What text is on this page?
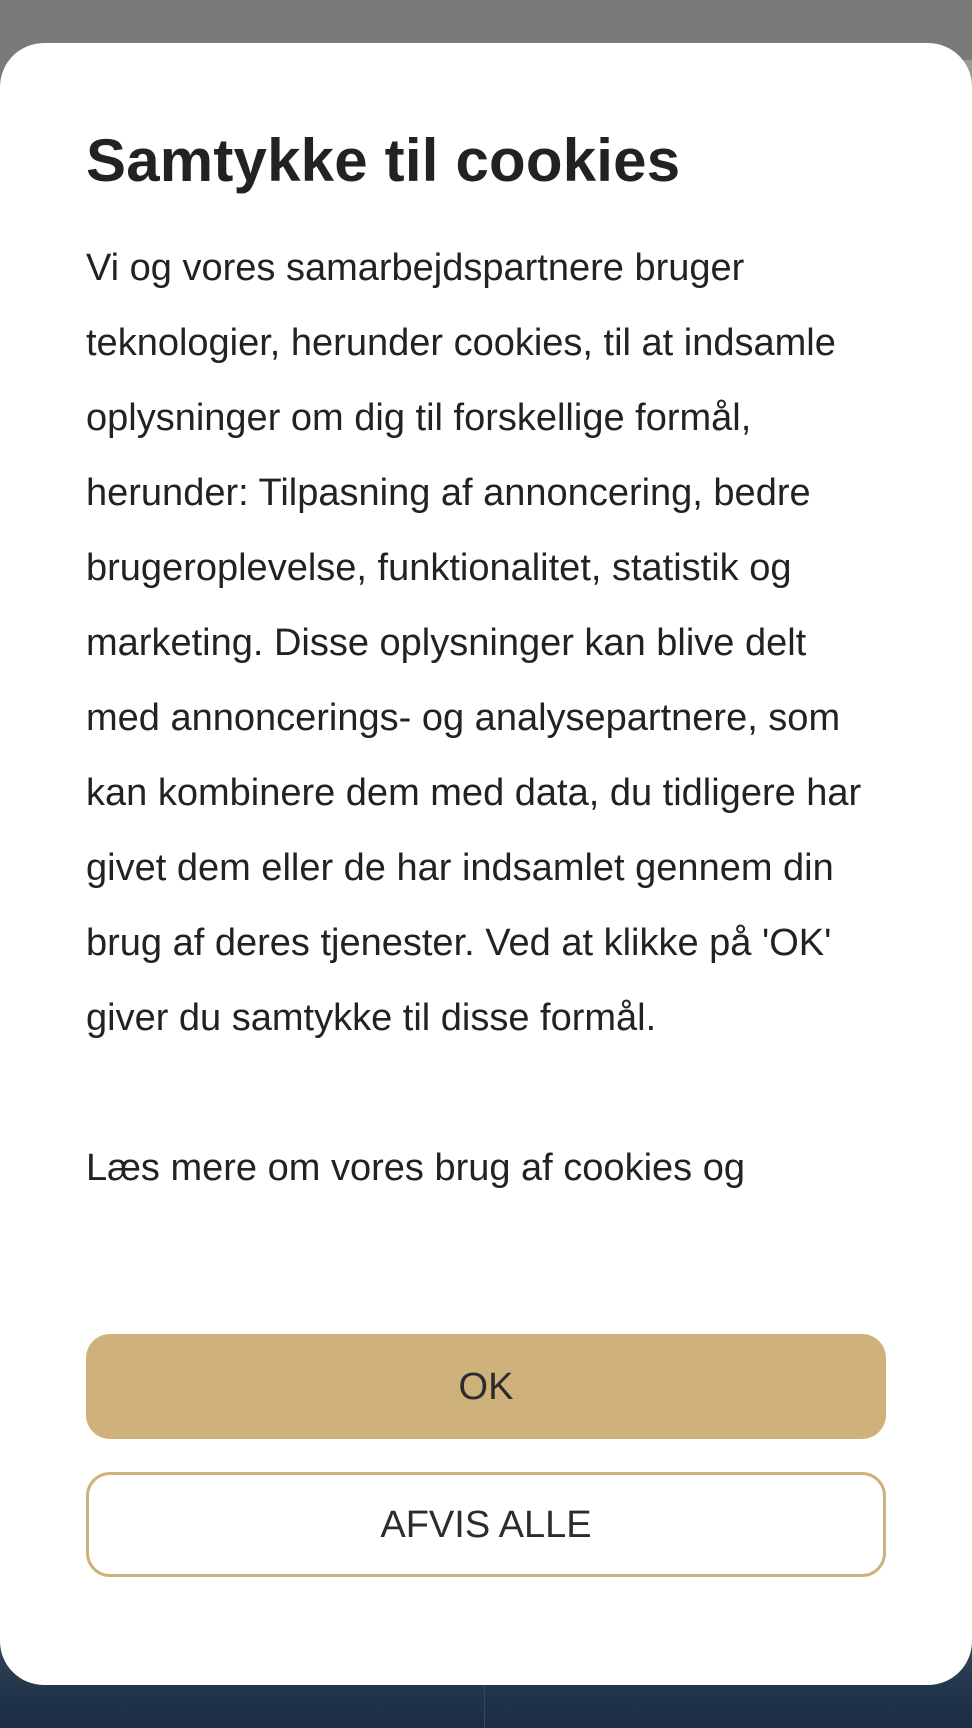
Samtykke til cookies

Vi og vores samarbejdspartnere bruger teknologier, herunder cookies, til at indsamle oplysninger om dig til forskellige formål, herunder: Tilpasning af annoncering, bedre brugeroplevelse, funktionalitet, statistik og marketing. Disse oplysninger kan blive delt med annoncerings- og analysepartnere, som kan kombinere dem med data, du tidligere har givet dem eller de har indsamlet gennem din brug af deres tjenester. Ved at klikke på 'OK' giver du samtykke til disse formål.

Læs mere om vores brug af cookies og

OK
AFVIS ALLE
